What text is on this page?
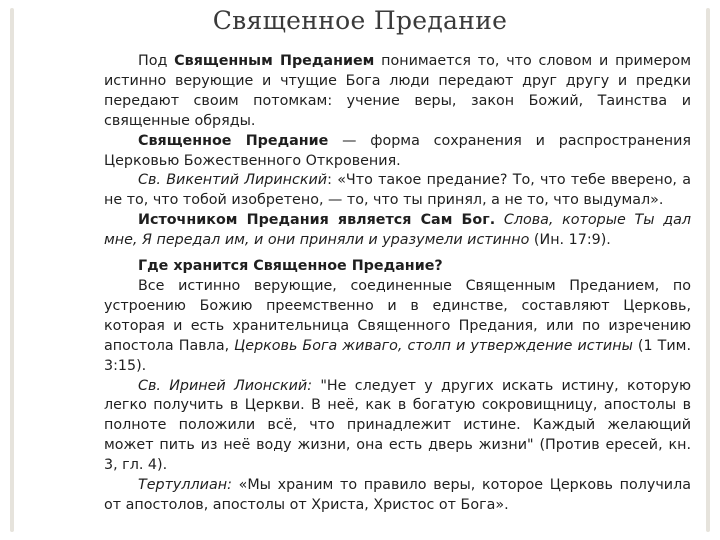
Священное Предание

Под Священным Преданием понимается то, что словом и примером истинно верующие и чтущие Бога люди передают друг другу и предки передают своим потомкам: учение веры, закон Божий, Таинства и священные обряды.

Священное Предание — форма сохранения и распространения Церковью Божественного Откровения.

Св. Викентий Лиринский: «Что такое предание? То, что тебе вверено, а не то, что тобой изобретено, — то, что ты принял, а не то, что выдумал».

Источником Предания является Сам Бог. Слова, которые Ты дал мне, Я передал им, и они приняли и уразумели истинно (Ин. 17:9).

Где хранится Священное Предание?

Все истинно верующие, соединенные Священным Преданием, по устроению Божию преемственно и в единстве, составляют Церковь, которая и есть хранительница Священного Предания, или по изречению апостола Павла, Церковь Бога живаго, столп и утверждение истины (1 Тим. 3:15).

Св. Ириней Лионский: "Не следует у других искать истину, которую легко получить в Церкви. В неё, как в богатую сокровищницу, апостолы в полноте положили всё, что принадлежит истине. Каждый желающий может пить из неё воду жизни, она есть дверь жизни" (Против ересей, кн. 3, гл. 4).

Тертуллиан: «Мы храним то правило веры, которое Церковь получила от апостолов, апостолы от Христа, Христос от Бога».
